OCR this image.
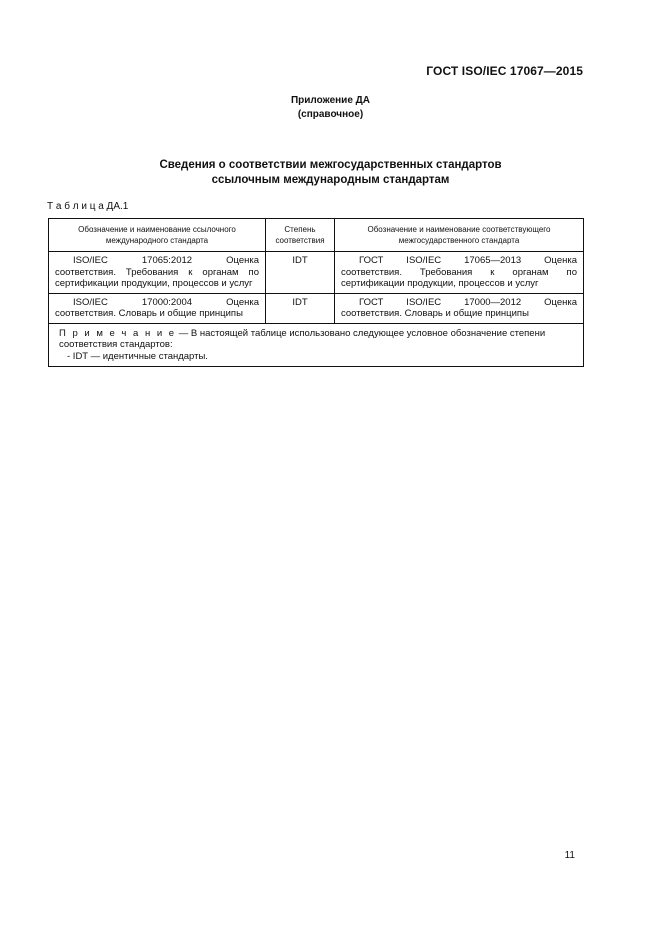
ГОСТ ISO/IEC 17067—2015
Приложение ДА
(справочное)
Сведения о соответствии межгосударственных стандартов
ссылочным международным стандартам
Т а б л и ц а ДА.1
Обозначение и наименование ссылочного международного стандарта	Степень соответствия	Обозначение и наименование соответствующего межгосударственного стандарта
ISO/IEC 17065:2012 Оценка соответствия. Требования к органам по сертификации продукции, процессов и услуг	IDT	ГОСТ ISO/IEC 17065—2013 Оценка соответствия. Требования к органам по сертификации продукции, процессов и услуг
ISO/IEC 17000:2004 Оценка соответствия. Словарь и общие принципы	IDT	ГОСТ ISO/IEC 17000—2012 Оценка соответствия. Словарь и общие принципы
П р и м е ч а н и е — В настоящей таблице использовано следующее условное обозначение степени соответствия стандартов:
- IDT — идентичные стандарты.		
11
